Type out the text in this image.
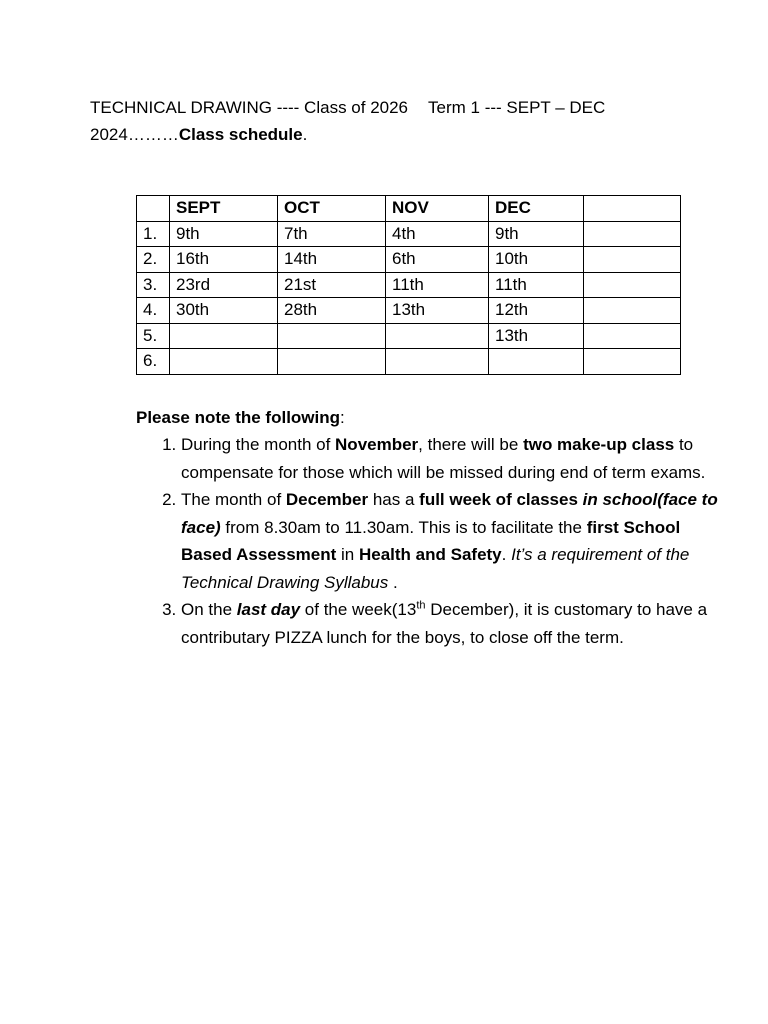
TECHNICAL DRAWING ---- Class of 2026 Term 1 --- SEPT – DEC
2024………Class schedule.
	SEPT	OCT	NOV	DEC	
1.	9th	7th	4th	9th	
2.	16th	14th	6th	10th	
3.	23rd	21st	11th	11th	
4.	30th	28th	13th	12th	
5.				13th	
6.					
Please note the following:
1. During the month of November, there will be two make-up class to compensate for those which will be missed during end of term exams.
2. The month of December has a full week of classes in school(face to face) from 8.30am to 11.30am. This is to facilitate the first School Based Assessment in Health and Safety. It’s a requirement of the Technical Drawing Syllabus .
3. On the last day of the week(13th December), it is customary to have a contributary PIZZA lunch for the boys, to close off the term.
